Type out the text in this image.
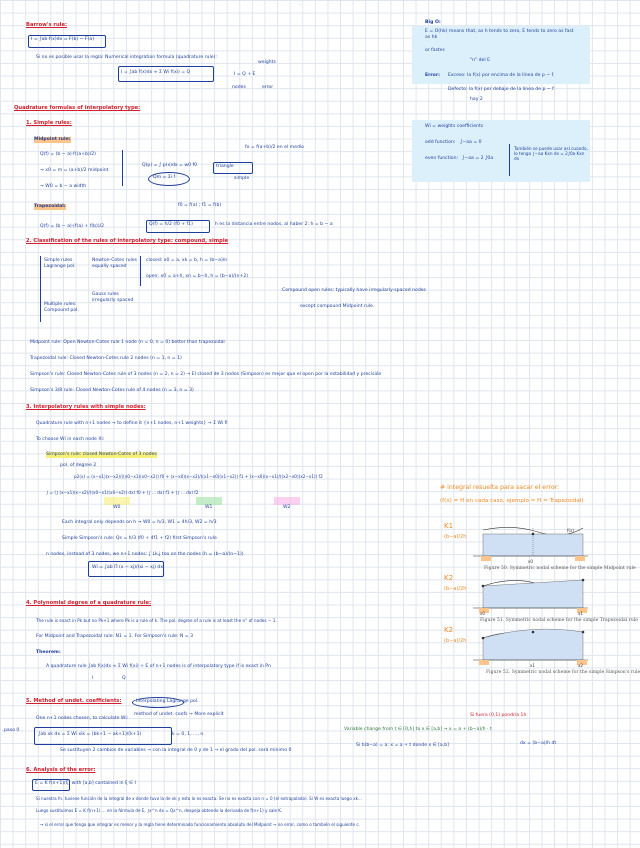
.
Big O:
E = O(hk) means that, as h tends to zero, E tends to zero as fast as hk
or faster.
"n" del E
Error: Exceso: la f(x) por encima de la línea de p − f.
Defecto: la f(x) por debajo de la línea de p − f.
hay 2
Wi = weights coefficients
odd function: ∫−aa = 0
even function: ∫−aa = 2 ∫0a
También se puede usar así cuando, lo tengo ∫−aa Kxn dx = 2∫0a Kxn dx
Barrow's rule:
I = ∫ab f(x)dx = F(b) − F(a)
Si no es posible usar la regla: Numerical integration formula (quadrature rule):
I = ∫ab f(x)dx ≈ Σ Wi f(xi) = Q
weights
nodes	error
I = Q + E
Quadrature formulas of interpolatory type:
1. Simple rules:
Midpoint rule:
Q(f) = (b − a)·f((a+b)/2)
→ x0 = m = (a+b)/2 midpoint
→ W0 = b − a width
Q(p) = ∫ p(x)dx = w0 f0
Qm = Σi f
fo = f(a+b)/2 en el medio
triangle
simple
Trapezoidal:
Q(f) = (b − a)·(f(a) + f(b))/2	Q(f) = h/2 (f0 + f1)
f0 = f(a) ; f1 = f(b)
h es la distancia entre nodos, al haber 2: h = b − a
2. Classification of the rules of interpolatory type: compound, simple
Simple rules Lagrange pol.
Newton-Cotes rules equally spaced
closed: x0 = a, xk = b, h = (b−a)/n
open: x0 = a+h, xn = b−h, h = (b−a)/(n+2)
Gauss rules irregularly spaced
Multiple rules: Compound pol.
Compound open rules: typically have irregularly-spaced nodes
except compound Midpoint rule.
Midpoint rule: Open Newton-Cotes rule 1 node (n = 0, n = 0) better than trapezoidal
Trapezoidal rule: Closed Newton-Cotes rule 2 nodes (n = 1, n = 1)
Simpson's rule: Closed Newton-Cotes rule of 3 nodes (n = 2, n = 2) → El closed de 3 nodos (Simpson) es mejor que el open por la estabilidad y precisión
Simpson's 3/8 rule: Closed Newton-Cotes rule of 4 nodes (n = 3, n = 3)
3. Interpolatory rules with simple nodes:
Quadrature rule with n+1 nodes → to define it {n+1 nodes, n+1 weights} → Σ Wi fi
To choose Wi in each node Xi:
Simpson's rule: closed Newton-Cotes of 3 nodes
pol. of degree 2
p2(x) = (x−x1)(x−x2)/((x0−x1)(x0−x2)) f0 + (x−x0)(x−x2)/((x1−x0)(x1−x2)) f1 + (x−x0)(x−x1)/((x2−x0)(x2−x1)) f2
∫ = (∫ (x−x1)(x−x2)/((x0−x1)(x0−x2)) dx) f0 + (∫ ... dx) f1 + (∫ ... dx) f2
W0	W1	W2
Each integral only depends on h → W0 = h/3, W1 = 4h/3, W2 = h/3
Simple Simpson's rule: Qs = h/3 (f0 + 4f1 + f2) first Simpson's rule
n nodes, instead of 3 nodes, we n+1 nodes: ∫ Lk,j too on the nodes (h = (b−a)/(n−1))
Wi = ∫ab Π (x − xj)/(xi − xj) dx
# integral resuelta para sacar el error:
(f(x) = H en cada caso, ejemplo = H = Trapezoidal)
K1
(b−a)/2h
f(x)
x0
Figure 50. Symmetric nodal scheme for the simple Midpoint rule
K2
(b−a)/2h
x0	x1
Figure 51. Symmetric nodal scheme for the simple Trapezoidal rule
K2
(b−a)/2h
x1	x2
Figure 52. Symmetric nodal scheme for the simple Simpson's rule
4. Polynomial degree of a quadrature rule:
The rule is exact in Pk but no Pk+1 where Pk is a rule of k. The pol. degree of a rule is at least the n° of nodes − 1.
For Midpoint and Trapezoidal rule: N1 = 1. For Simpson's rule: N = 3
Theorem:
A quadrature rule ∫ab f(x)dx ≈ Σ Wi f(xi) + E of n+1 nodes is of interpolatory type if is exact in Pn
I	Q
paso 0
5. Method of undet. coefficients:
One n+1 nodes chosen, to calculate Wi:
Interpolating Lagrange pol.
method of undet. coefs → More explicit
∫ab xk dx = Σ Wi xik = (bk+1 − ak+1)/(k+1)	k = 0, 1, ..., n
Se sustituyen 2 cambios de variables → con la integral de 0 y de 1 → el grado del pol. será mínimo 0
Variable change from t ∈ [0,h] to x ∈ [a,b] → x = a + (b−a)/h · t
dx = (b−a)/h dt
Si h(b−a) = a: x = a + t donde x ∈ [a,b]
Si fuera (0,1) pondría 1h
6. Analysis of the error:
E = K f(n+1)(ξ) with [a,b] contained in ξ ∈ I
Si nuestra fn. tuviese función de la integral de x donde tuvo la de xk y esto lo es exacta. Se no es exacta con n = 0 (el extrapolado). Si W es exacta luego xk...
Luego sustituimos E = K f(n+1) ... en la fórmula de E, ∫x^n dx = Qx^n, despeja obtendo la derivada de f(n+1) y sale K.
→ si el error que tengo que integrar es menor y la regla tiene determinado funcionamiento absoluto del Midpoint → no error, como o también el siguiente c.
